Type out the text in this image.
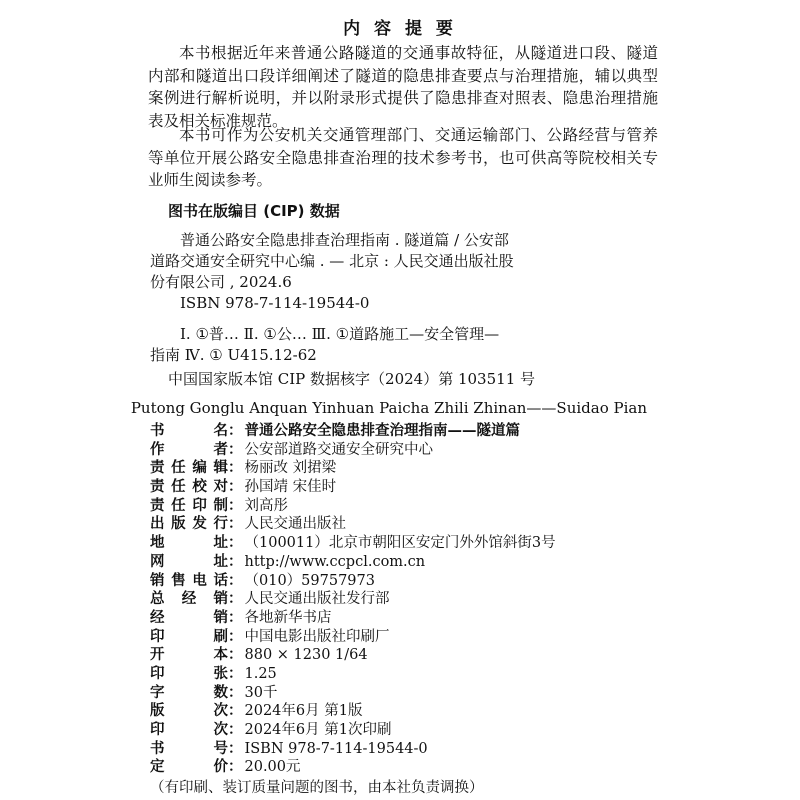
内 容 提 要

本书根据近年来普通公路隧道的交通事故特征，从隧道进口段、隧道内部和隧道出口段详细阐述了隧道的隐患排查要点与治理措施，辅以典型案例进行解析说明，并以附录形式提供了隐患排查对照表、隐患治理措施表及相关标准规范。

本书可作为公安机关交通管理部门、交通运输部门、公路经营与管养等单位开展公路安全隐患排查治理的技术参考书，也可供高等院校相关专业师生阅读参考。

图书在版编目 (CIP) 数据
普通公路安全隐患排查治理指南 . 隧道篇 / 公安部
道路交通安全研究中心编 . — 北京 : 人民交通出版社股
份有限公司 , 2024.6
ISBN 978-7-114-19544-0
Ⅰ. ①普… Ⅱ. ①公… Ⅲ. ①道路施工—安全管理—
指南 Ⅳ. ① U415.12-62
中国国家版本馆 CIP 数据核字（2024）第 103511 号
Putong Gonglu Anquan Yinhuan Paicha Zhili Zhinan——Suidao Pian
书	名 ： 普通公路安全隐患排查治理指南——隧道篇
作	者 ： 公安部道路交通安全研究中心
责 任 编 辑 ： 杨丽改 刘捃梁
责 任 校 对 ： 孙国靖 宋佳时
责 任 印 制 ： 刘高彤
出 版 发 行 ： 人民交通出版社
地	址 ： （100011）北京市朝阳区安定门外外馆斜街3号
网	址 ： http://www.ccpcl.com.cn
销 售 电 话 ： （010）59757973
总 经 销 ： 人民交通出版社发行部
经	销 ： 各地新华书店
印	刷 ： 中国电影出版社印刷厂
开	本 ： 880 × 1230 1/64
印	张 ： 1.25
字	数 ： 30千
版	次 ： 2024年6月 第1版
印	次 ： 2024年6月 第1次印刷
书	号 ： ISBN 978-7-114-19544-0
定	价 ： 20.00元
（有印刷、装订质量问题的图书，由本社负责调换）
